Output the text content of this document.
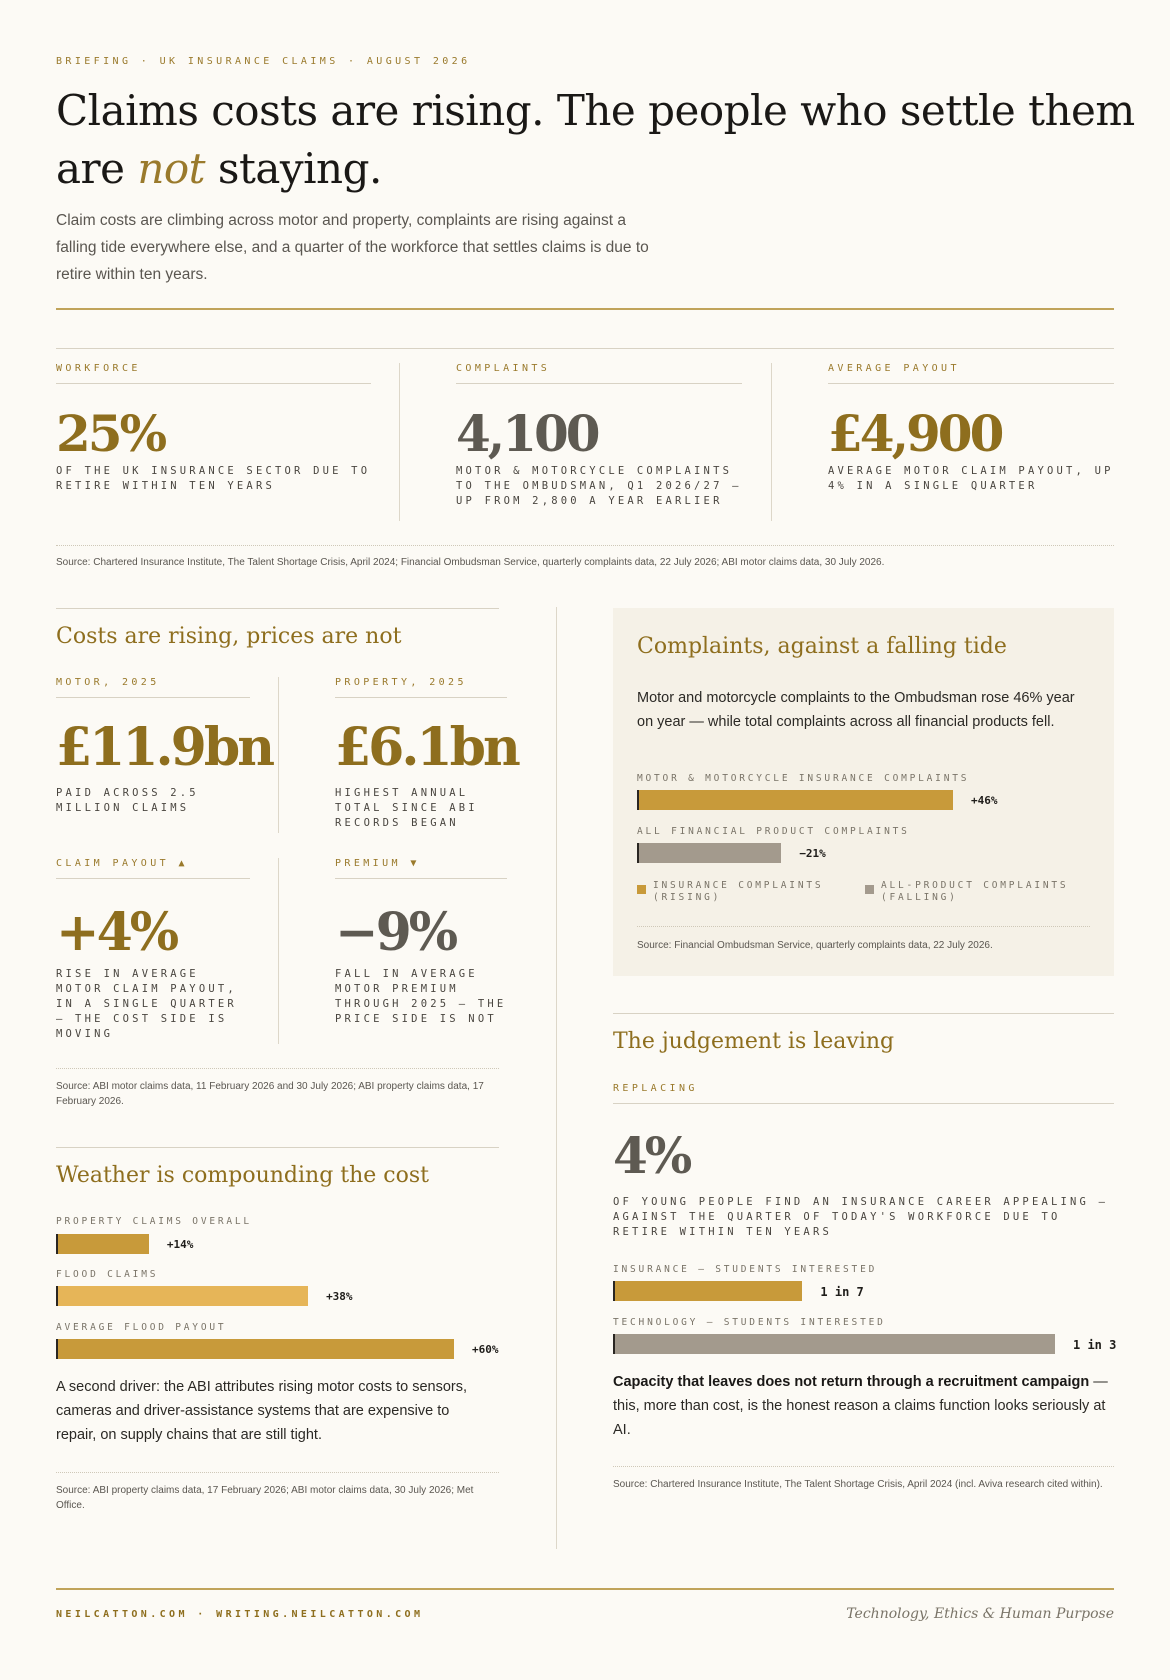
BRIEFING · UK INSURANCE CLAIMS · AUGUST 2026
Claims costs are rising. The people who settle them
are not staying.
Claim costs are climbing across motor and property, complaints are rising against a falling tide everywhere else, and a quarter of the workforce that settles claims is due to retire within ten years.
WORKFORCE
25%
OF THE UK INSURANCE SECTOR DUE TO RETIRE WITHIN TEN YEARS
COMPLAINTS
4,100
MOTOR & MOTORCYCLE COMPLAINTS TO THE OMBUDSMAN, Q1 2026/27 — UP FROM 2,800 A YEAR EARLIER
AVERAGE PAYOUT
£4,900
AVERAGE MOTOR CLAIM PAYOUT, UP 4% IN A SINGLE QUARTER
Source: Chartered Insurance Institute, The Talent Shortage Crisis, April 2024; Financial Ombudsman Service, quarterly complaints data, 22 July 2026; ABI motor claims data, 30 July 2026.
Costs are rising, prices are not
MOTOR, 2025
£11.9bn
PAID ACROSS 2.5 MILLION CLAIMS
PROPERTY, 2025
£6.1bn
HIGHEST ANNUAL TOTAL SINCE ABI RECORDS BEGAN
CLAIM PAYOUT ▲
+4%
RISE IN AVERAGE MOTOR CLAIM PAYOUT, IN A SINGLE QUARTER — THE COST SIDE IS MOVING
PREMIUM ▼
−9%
FALL IN AVERAGE MOTOR PREMIUM THROUGH 2025 — THE PRICE SIDE IS NOT
Source: ABI motor claims data, 11 February 2026 and 30 July 2026; ABI property claims data, 17 February 2026.
Weather is compounding the cost
PROPERTY CLAIMS OVERALL
+14%
FLOOD CLAIMS
+38%
AVERAGE FLOOD PAYOUT
+60%
A second driver: the ABI attributes rising motor costs to sensors, cameras and driver-assistance systems that are expensive to repair, on supply chains that are still tight.
Source: ABI property claims data, 17 February 2026; ABI motor claims data, 30 July 2026; Met Office.
Complaints, against a falling tide
Motor and motorcycle complaints to the Ombudsman rose 46% year on year — while total complaints across all financial products fell.
MOTOR & MOTORCYCLE INSURANCE COMPLAINTS
+46%
ALL FINANCIAL PRODUCT COMPLAINTS
−21%
INSURANCE COMPLAINTS (RISING)
ALL-PRODUCT COMPLAINTS (FALLING)
Source: Financial Ombudsman Service, quarterly complaints data, 22 July 2026.
The judgement is leaving
REPLACING
4%
OF YOUNG PEOPLE FIND AN INSURANCE CAREER APPEALING — AGAINST THE QUARTER OF TODAY'S WORKFORCE DUE TO RETIRE WITHIN TEN YEARS
INSURANCE — STUDENTS INTERESTED
1 in 7
TECHNOLOGY — STUDENTS INTERESTED
1 in 3
Capacity that leaves does not return through a recruitment campaign — this, more than cost, is the honest reason a claims function looks seriously at AI.
Source: Chartered Insurance Institute, The Talent Shortage Crisis, April 2024 (incl. Aviva research cited within).
NEILCATTON.COM · WRITING.NEILCATTON.COM	Technology, Ethics & Human Purpose
